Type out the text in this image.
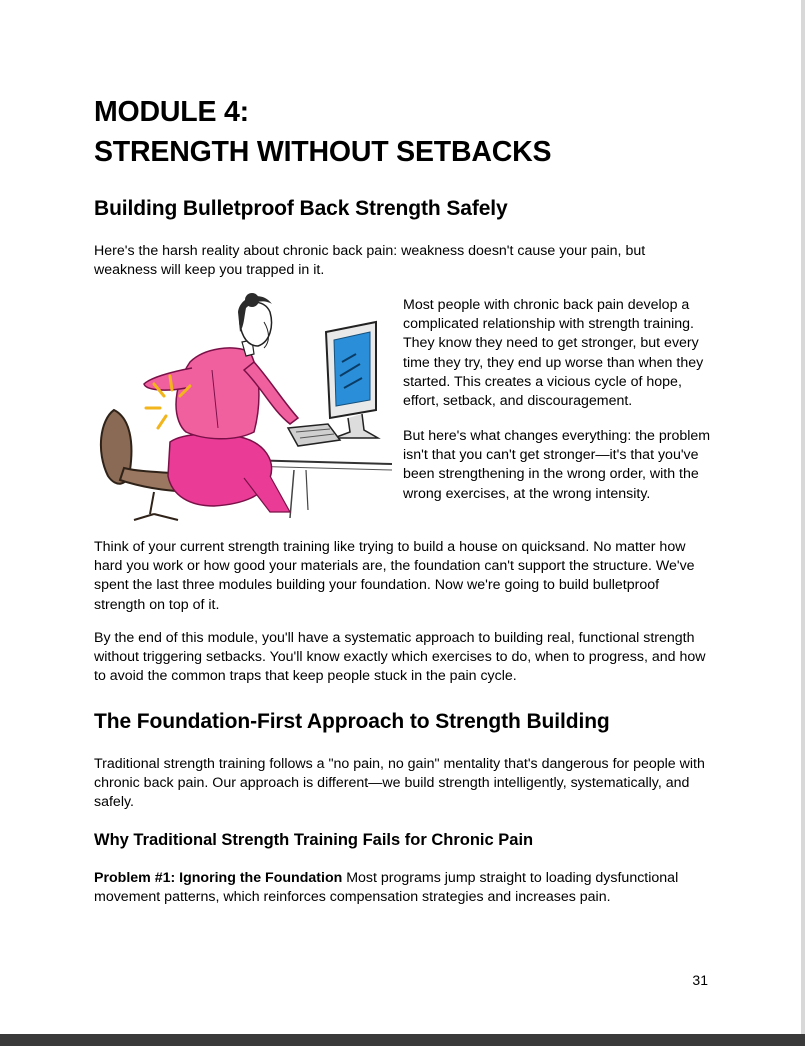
MODULE 4:
STRENGTH WITHOUT SETBACKS
Building Bulletproof Back Strength Safely

Here's the harsh reality about chronic back pain: weakness doesn't cause your pain, but weakness will keep you trapped in it.

Most people with chronic back pain develop a complicated relationship with strength training. They know they need to get stronger, but every time they try, they end up worse than when they started. This creates a vicious cycle of hope, effort, setback, and discouragement.

But here's what changes everything: the problem isn't that you can't get stronger—it's that you've been strengthening in the wrong order, with the wrong exercises, at the wrong intensity.

Think of your current strength training like trying to build a house on quicksand. No matter how hard you work or how good your materials are, the foundation can't support the structure. We've spent the last three modules building your foundation. Now we're going to build bulletproof strength on top of it.

By the end of this module, you'll have a systematic approach to building real, functional strength without triggering setbacks. You'll know exactly which exercises to do, when to progress, and how to avoid the common traps that keep people stuck in the pain cycle.

The Foundation-First Approach to Strength Building

Traditional strength training follows a "no pain, no gain" mentality that's dangerous for people with chronic back pain. Our approach is different—we build strength intelligently, systematically, and safely.

Why Traditional Strength Training Fails for Chronic Pain

Problem #1: Ignoring the Foundation Most programs jump straight to loading dysfunctional movement patterns, which reinforces compensation strategies and increases pain.

31
